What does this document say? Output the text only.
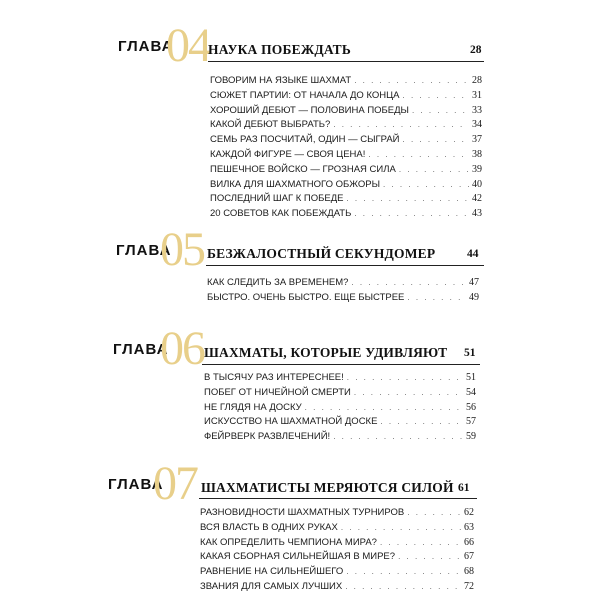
ГЛАВА
04
НАУКА ПОБЕЖДАТЬ	28
ГОВОРИМ НА ЯЗЫКЕ ШАХМАТ . . .	28
СЮЖЕТ ПАРТИИ: ОТ НАЧАЛА ДО КОНЦА . . .	31
ХОРОШИЙ ДЕБЮТ — ПОЛОВИНА ПОБЕДЫ . . .	33
КАКОЙ ДЕБЮТ ВЫБРАТЬ? . . .	34
СЕМЬ РАЗ ПОСЧИТАЙ, ОДИН — СЫГРАЙ . . .	37
КАЖДОЙ ФИГУРЕ — СВОЯ ЦЕНА! . . .	38
ПЕШЕЧНОЕ ВОЙСКО — ГРОЗНАЯ СИЛА . . .	39
ВИЛКА ДЛЯ ШАХМАТНОГО ОБЖОРЫ . . .	40
ПОСЛЕДНИЙ ШАГ К ПОБЕДЕ . . .	42
20 СОВЕТОВ КАК ПОБЕЖДАТЬ . . .	43
ГЛАВА
05 БЕЗЖАЛОСТНЫЙ СЕКУНДОМЕР	44
КАК СЛЕДИТЬ ЗА ВРЕМЕНЕМ? . . .	47
БЫСТРО. ОЧЕНЬ БЫСТРО. ЕЩЕ БЫСТРЕЕ . . .	49
ГЛАВА
06 ШАХМАТЫ, КОТОРЫЕ УДИВЛЯЮТ 51
В ТЫСЯЧУ РАЗ ИНТЕРЕСНЕЕ! . . .	51
ПОБЕГ ОТ НИЧЕЙНОЙ СМЕРТИ . . .	54
НЕ ГЛЯДЯ НА ДОСКУ . . .	56
ИСКУССТВО НА ШАХМАТНОЙ ДОСКЕ . . .	57
ФЕЙРВЕРК РАЗВЛЕЧЕНИЙ! . . .	59
ГЛАВА
07 ШАХМАТИСТЫ МЕРЯЮТСЯ СИЛОЙ 61
РАЗНОВИДНОСТИ ШАХМАТНЫХ ТУРНИРОВ . . .	62
ВСЯ ВЛАСТЬ В ОДНИХ РУКАХ . . .	63
КАК ОПРЕДЕЛИТЬ ЧЕМПИОНА МИРА? . . .	66
КАКАЯ СБОРНАЯ СИЛЬНЕЙШАЯ В МИРЕ? . . .	67
РАВНЕНИЕ НА СИЛЬНЕЙШЕГО . . .	68
ЗВАНИЯ ДЛЯ САМЫХ ЛУЧШИХ . . .	72
